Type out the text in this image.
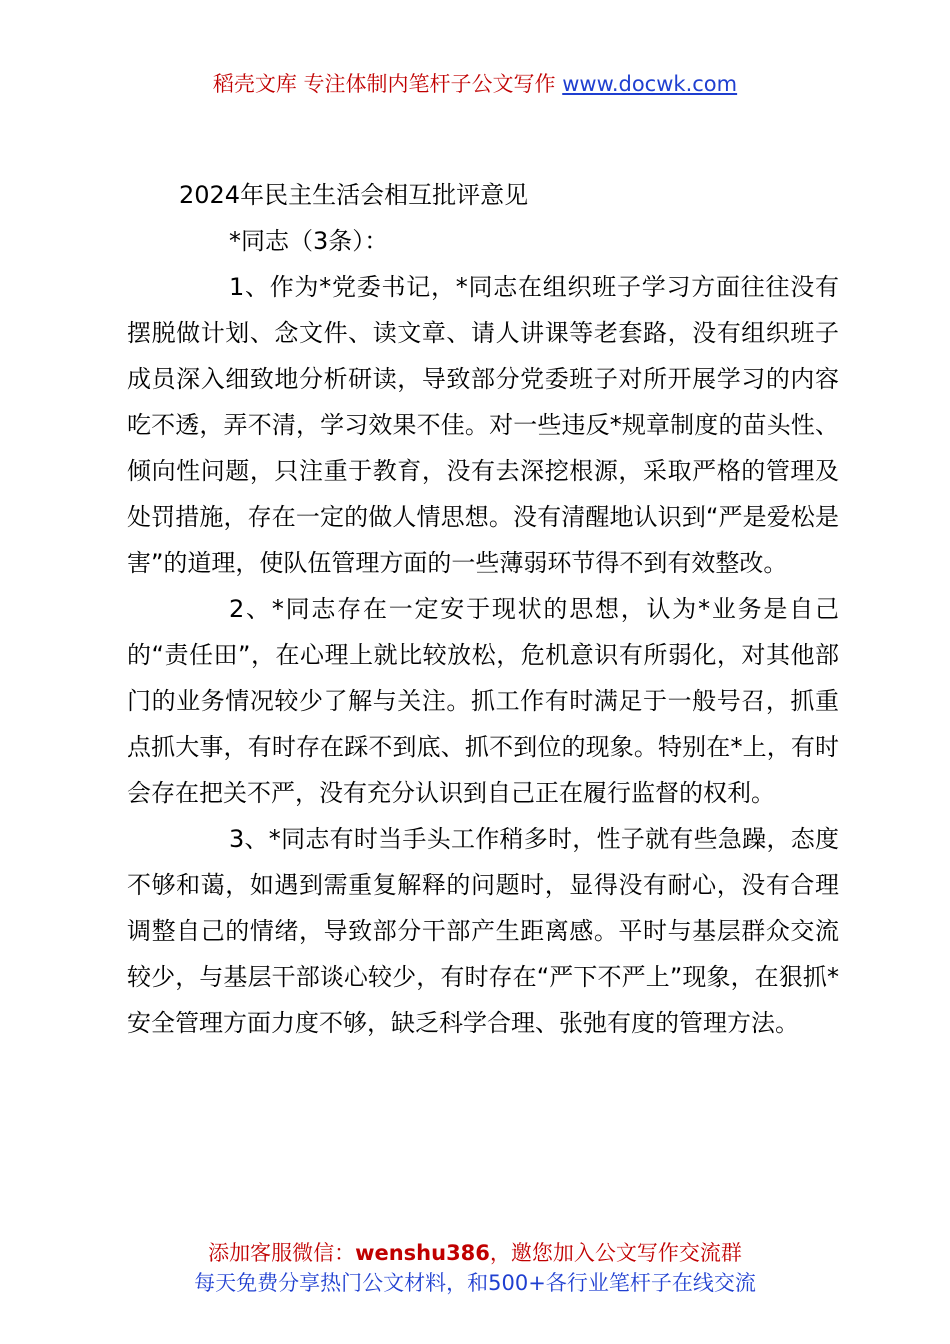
稻壳文库 专注体制内笔杆子公文写作 www.docwk.com
2024年民主生活会相互批评意见

*同志（3条）：

1、作为*党委书记，*同志在组织班子学习方面往往没有摆脱做计划、念文件、读文章、请人讲课等老套路，没有组织班子成员深入细致地分析研读，导致部分党委班子对所开展学习的内容吃不透，弄不清，学习效果不佳。对一些违反*规章制度的苗头性、倾向性问题，只注重于教育，没有去深挖根源，采取严格的管理及处罚措施，存在一定的做人情思想。没有清醒地认识到“严是爱松是害”的道理，使队伍管理方面的一些薄弱环节得不到有效整改。

2、*同志存在一定安于现状的思想，认为*业务是自己的“责任田”，在心理上就比较放松，危机意识有所弱化，对其他部门的业务情况较少了解与关注。抓工作有时满足于一般号召，抓重点抓大事，有时存在踩不到底、抓不到位的现象。特别在*上，有时会存在把关不严，没有充分认识到自己正在履行监督的权利。

3、*同志有时当手头工作稍多时，性子就有些急躁，态度不够和蔼，如遇到需重复解释的问题时，显得没有耐心，没有合理调整自己的情绪，导致部分干部产生距离感。平时与基层群众交流较少，与基层干部谈心较少，有时存在“严下不严上”现象，在狠抓*安全管理方面力度不够，缺乏科学合理、张弛有度的管理方法。

添加客服微信：wenshu386，邀您加入公文写作交流群
每天免费分享热门公文材料，和500+各行业笔杆子在线交流
